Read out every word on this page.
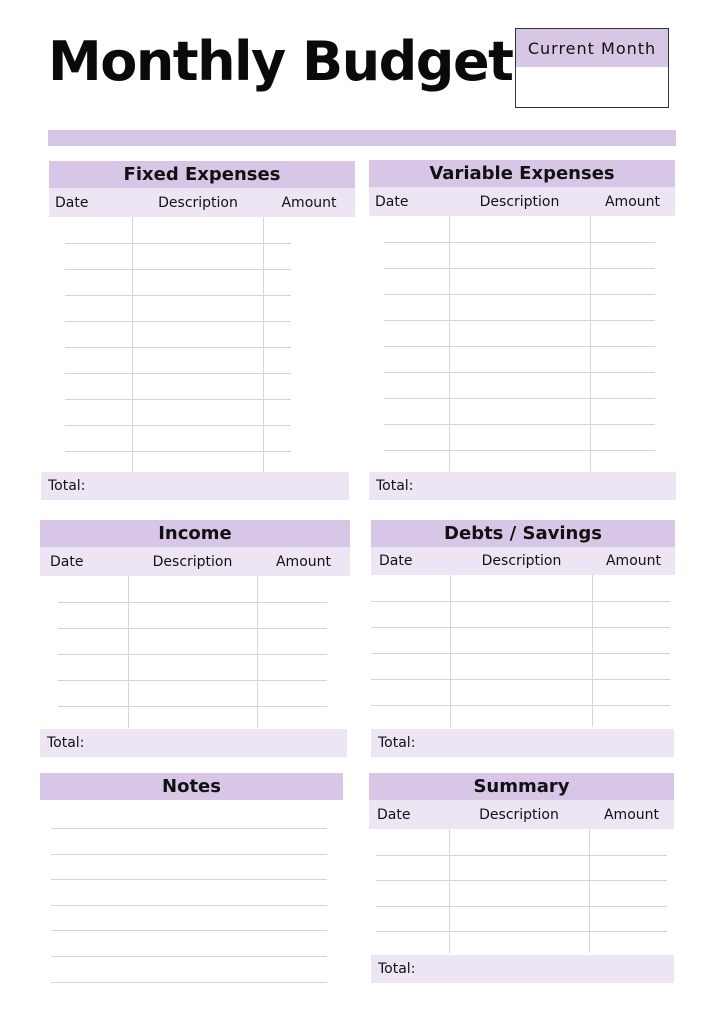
Monthly Budget Current Month
Fixed Expenses
Date	Description	Amount
Total:
Variable Expenses
Date	Description	Amount
Total:
Income
Date	Description	Amount
Total:
Debts / Savings
Date	Description	Amount
Total:
Notes	Summary
Date	Description	Amount
Total:
